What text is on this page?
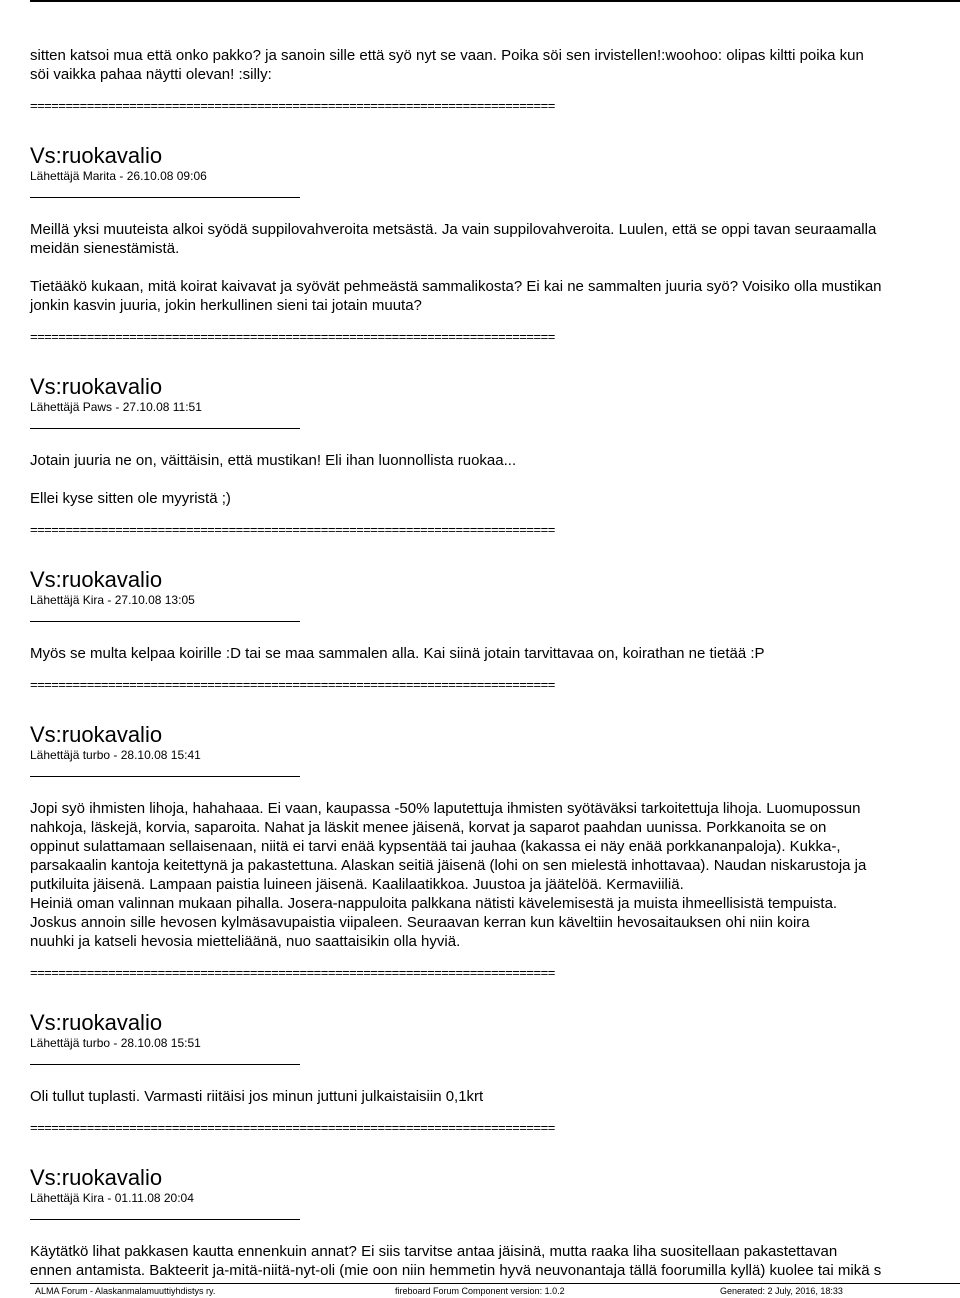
sitten katsoi mua että onko pakko? ja sanoin sille että syö nyt se vaan. Poika söi sen irvistellen!:woohoo: olipas kiltti poika kun

söi vaikka pahaa näytti olevan! :silly:

==========================================================================

Vs:ruokavalio

Lähettäjä Marita - 26.10.08 09:06

Meillä yksi muuteista alkoi syödä suppilovahveroita metsästä. Ja vain suppilovahveroita. Luulen, että se oppi tavan seuraamalla

meidän sienestämistä.

Tietääkö kukaan, mitä koirat kaivavat ja syövät pehmeästä sammalikosta? Ei kai ne sammalten juuria syö? Voisiko olla mustikan

jonkin kasvin juuria, jokin herkullinen sieni tai jotain muuta?

==========================================================================

Vs:ruokavalio

Lähettäjä Paws - 27.10.08 11:51

Jotain juuria ne on, väittäisin, että mustikan! Eli ihan luonnollista ruokaa...

Ellei kyse sitten ole myyristä ;)

==========================================================================

Vs:ruokavalio

Lähettäjä Kira - 27.10.08 13:05

Myös se multa kelpaa koirille :D tai se maa sammalen alla. Kai siinä jotain tarvittavaa on, koirathan ne tietää :P

==========================================================================

Vs:ruokavalio

Lähettäjä turbo - 28.10.08 15:41

Jopi syö ihmisten lihoja, hahahaaa. Ei vaan, kaupassa -50% laputettuja ihmisten syötäväksi tarkoitettuja lihoja. Luomupossun

nahkoja, läskejä, korvia, saparoita. Nahat ja läskit menee jäisenä, korvat ja saparot paahdan uunissa. Porkkanoita se on

oppinut sulattamaan sellaisenaan, niitä ei tarvi enää kypsentää tai jauhaa (kakassa ei näy enää porkkananpaloja). Kukka-,

parsakaalin kantoja keitettynä ja pakastettuna. Alaskan seitiä jäisenä (lohi on sen mielestä inhottavaa). Naudan niskarustoja ja

putkiluita jäisenä. Lampaan paistia luineen jäisenä. Kaalilaatikkoa. Juustoa ja jäätelöä. Kermaviiliä.

Heiniä oman valinnan mukaan pihalla. Josera-nappuloita palkkana nätisti kävelemisestä ja muista ihmeellisistä tempuista.

Joskus annoin sille hevosen kylmäsavupaistia viipaleen. Seuraavan kerran kun käveltiin hevosaitauksen ohi niin koira

nuuhki ja katseli hevosia mietteliäänä, nuo saattaisikin olla hyviä.

==========================================================================

Vs:ruokavalio

Lähettäjä turbo - 28.10.08 15:51

Oli tullut tuplasti. Varmasti riitäisi jos minun juttuni julkaistaisiin 0,1krt

==========================================================================

Vs:ruokavalio

Lähettäjä Kira - 01.11.08 20:04

Käytätkö lihat pakkasen kautta ennenkuin annat? Ei siis tarvitse antaa jäisinä, mutta raaka liha suositellaan pakastettavan

ennen antamista. Bakteerit ja-mitä-niitä-nyt-oli (mie oon niin hemmetin hyvä neuvonantaja tällä foorumilla kyllä) kuolee tai mikä s

ALMA Forum - Alaskanmalamuuttiyhdistys ry.	fireboard Forum Component version: 1.0.2	Generated: 2 July, 2016, 18:33
